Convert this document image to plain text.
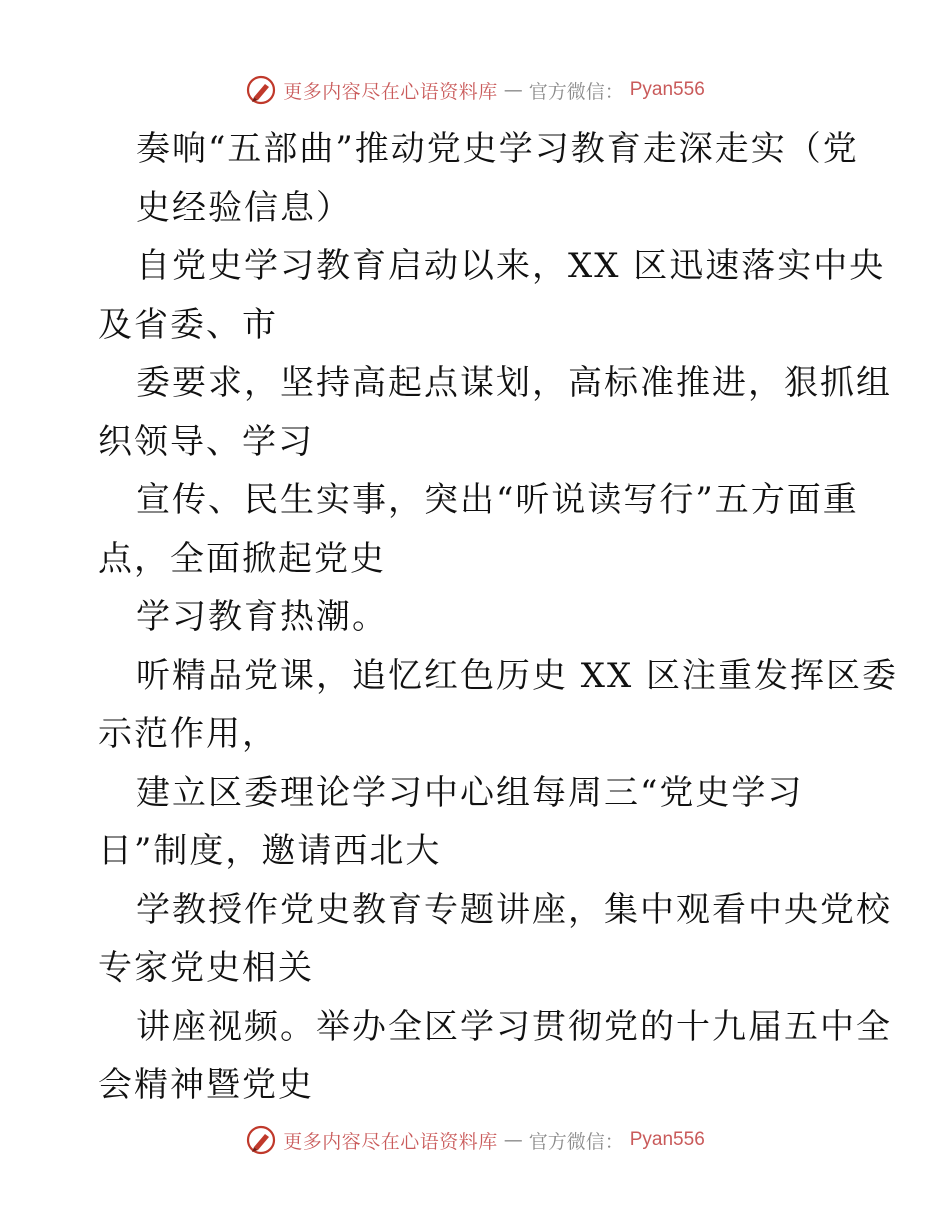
更多内容尽在心语资料库 — 官方微信： Pyan556
奏响“五部曲”推动党史学习教育走深走实（党
史经验信息）
自党史学习教育启动以来，XX 区迅速落实中央
及省委、市
委要求，坚持高起点谋划，高标准推进，狠抓组
织领导、学习
宣传、民生实事，突出“听说读写行”五方面重
点，全面掀起党史
学习教育热潮。
听精品党课，追忆红色历史 XX 区注重发挥区委
示范作用，
建立区委理论学习中心组每周三“党史学习
日”制度，邀请西北大
学教授作党史教育专题讲座，集中观看中央党校
专家党史相关
讲座视频。举办全区学习贯彻党的十九届五中全
会精神暨党史
更多内容尽在心语资料库 — 官方微信： Pyan556
